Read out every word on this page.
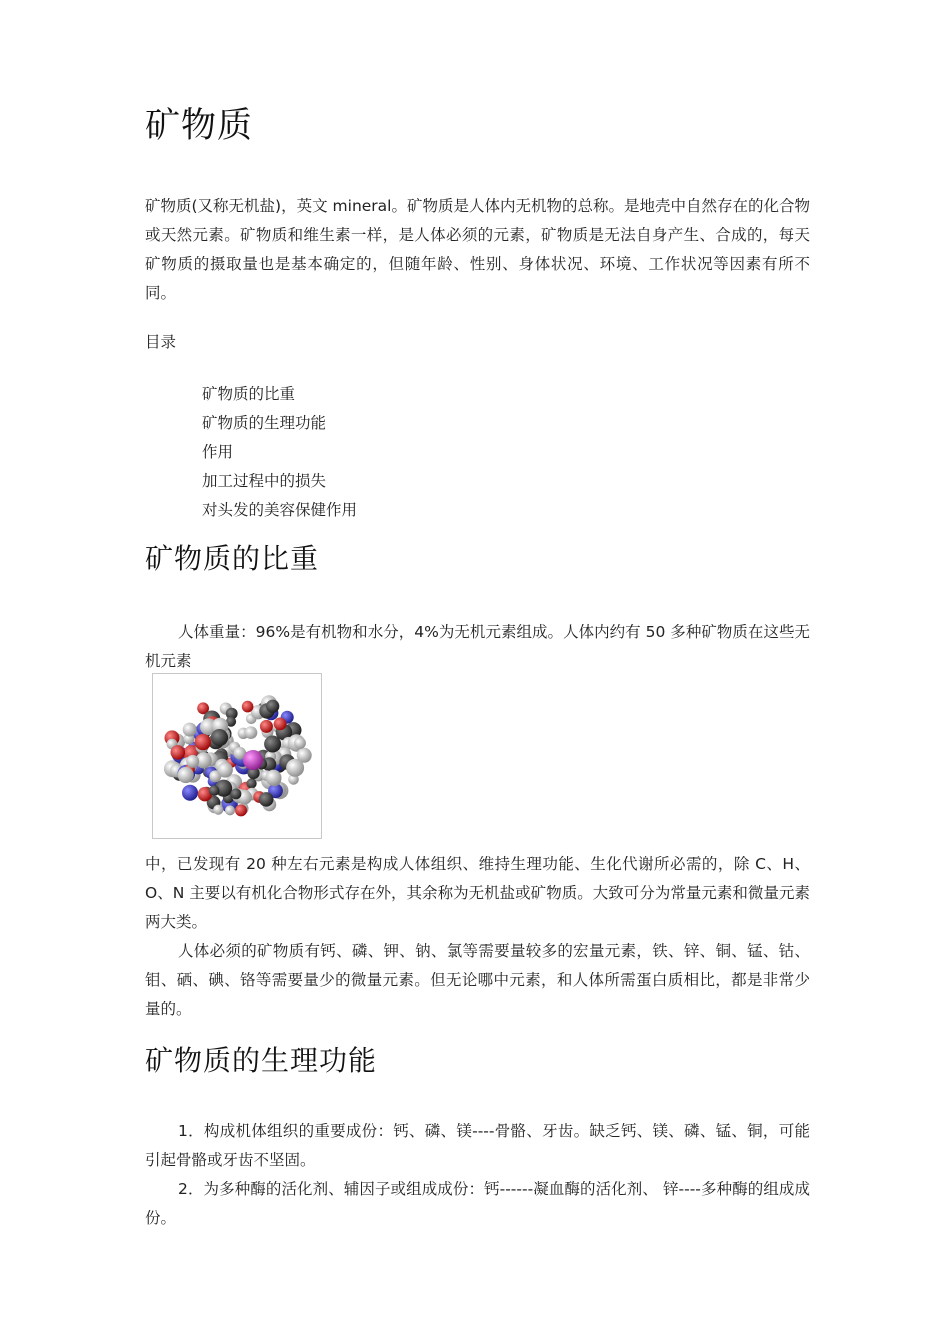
矿物质

矿物质(又称无机盐)，英文 mineral。矿物质是人体内无机物的总称。是地壳中自然存在的化合物或天然元素。矿物质和维生素一样，是人体必须的元素，矿物质是无法自身产生、合成的，每天矿物质的摄取量也是基本确定的，但随年龄、性别、身体状况、环境、工作状况等因素有所不同。

目录
矿物质的比重
矿物质的生理功能
作用
加工过程中的损失
对头发的美容保健作用
矿物质的比重

人体重量：96%是有机物和水分，4%为无机元素组成。人体内约有 50 多种矿物质在这些无机元素

中，已发现有 20 种左右元素是构成人体组织、维持生理功能、生化代谢所必需的，除 C、H、O、N 主要以有机化合物形式存在外，其余称为无机盐或矿物质。大致可分为常量元素和微量元素两大类。

人体必须的矿物质有钙、磷、钾、钠、氯等需要量较多的宏量元素，铁、锌、铜、锰、钴、钼、硒、碘、铬等需要量少的微量元素。但无论哪中元素，和人体所需蛋白质相比，都是非常少量的。

矿物质的生理功能

1．构成机体组织的重要成份：钙、磷、镁----骨骼、牙齿。缺乏钙、镁、磷、锰、铜，可能引起骨骼或牙齿不坚固。

2．为多种酶的活化剂、辅因子或组成成份：钙------凝血酶的活化剂、 锌----多种酶的组成成份。
